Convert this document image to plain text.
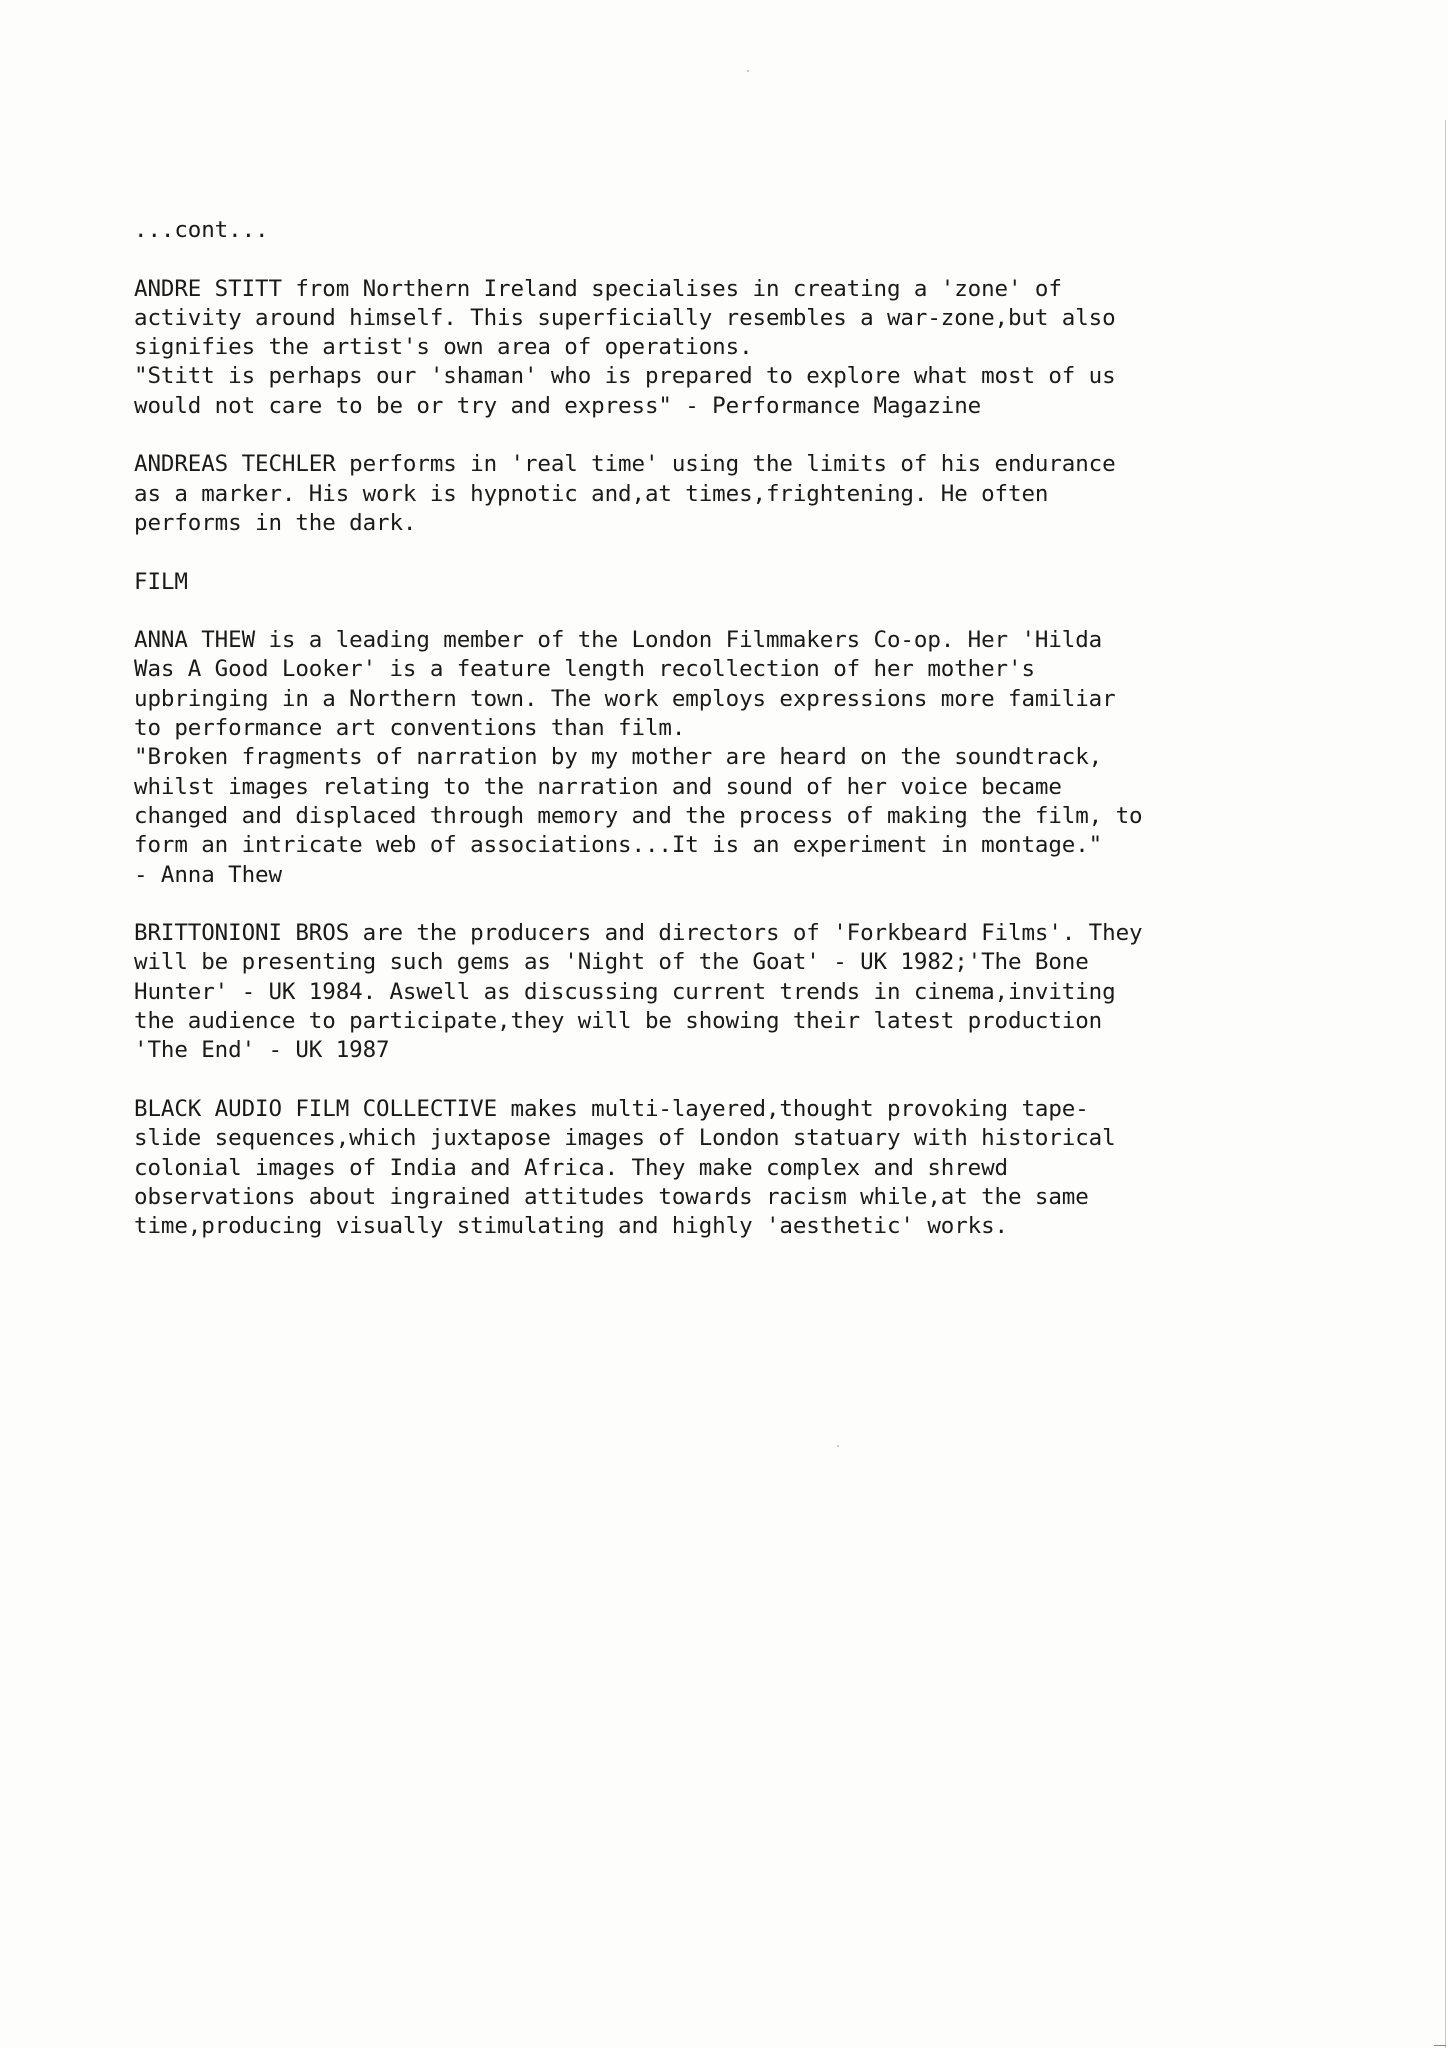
...cont...
ANDRE STITT from Northern Ireland specialises in creating a 'zone' of
activity around himself. This superficially resembles a war-zone,but also
signifies the artist's own area of operations.
"Stitt is perhaps our 'shaman' who is prepared to explore what most of us
would not care to be or try and express" - Performance Magazine
ANDREAS TECHLER performs in 'real time' using the limits of his endurance
as a marker. His work is hypnotic and,at times,frightening. He often
performs in the dark.
FILM
ANNA THEW is a leading member of the London Filmmakers Co-op. Her 'Hilda
Was A Good Looker' is a feature length recollection of her mother's
upbringing in a Northern town. The work employs expressions more familiar
to performance art conventions than film.
"Broken fragments of narration by my mother are heard on the soundtrack,
whilst images relating to the narration and sound of her voice became
changed and displaced through memory and the process of making the film, to
form an intricate web of associations...It is an experiment in montage."
- Anna Thew
BRITTONIONI BROS are the producers and directors of 'Forkbeard Films'. They
will be presenting such gems as 'Night of the Goat' - UK 1982;'The Bone
Hunter' - UK 1984. Aswell as discussing current trends in cinema,inviting
the audience to participate,they will be showing their latest production
'The End' - UK 1987
BLACK AUDIO FILM COLLECTIVE makes multi-layered,thought provoking tape-
slide sequences,which juxtapose images of London statuary with historical
colonial images of India and Africa. They make complex and shrewd
observations about ingrained attitudes towards racism while,at the same
time,producing visually stimulating and highly 'aesthetic' works.
